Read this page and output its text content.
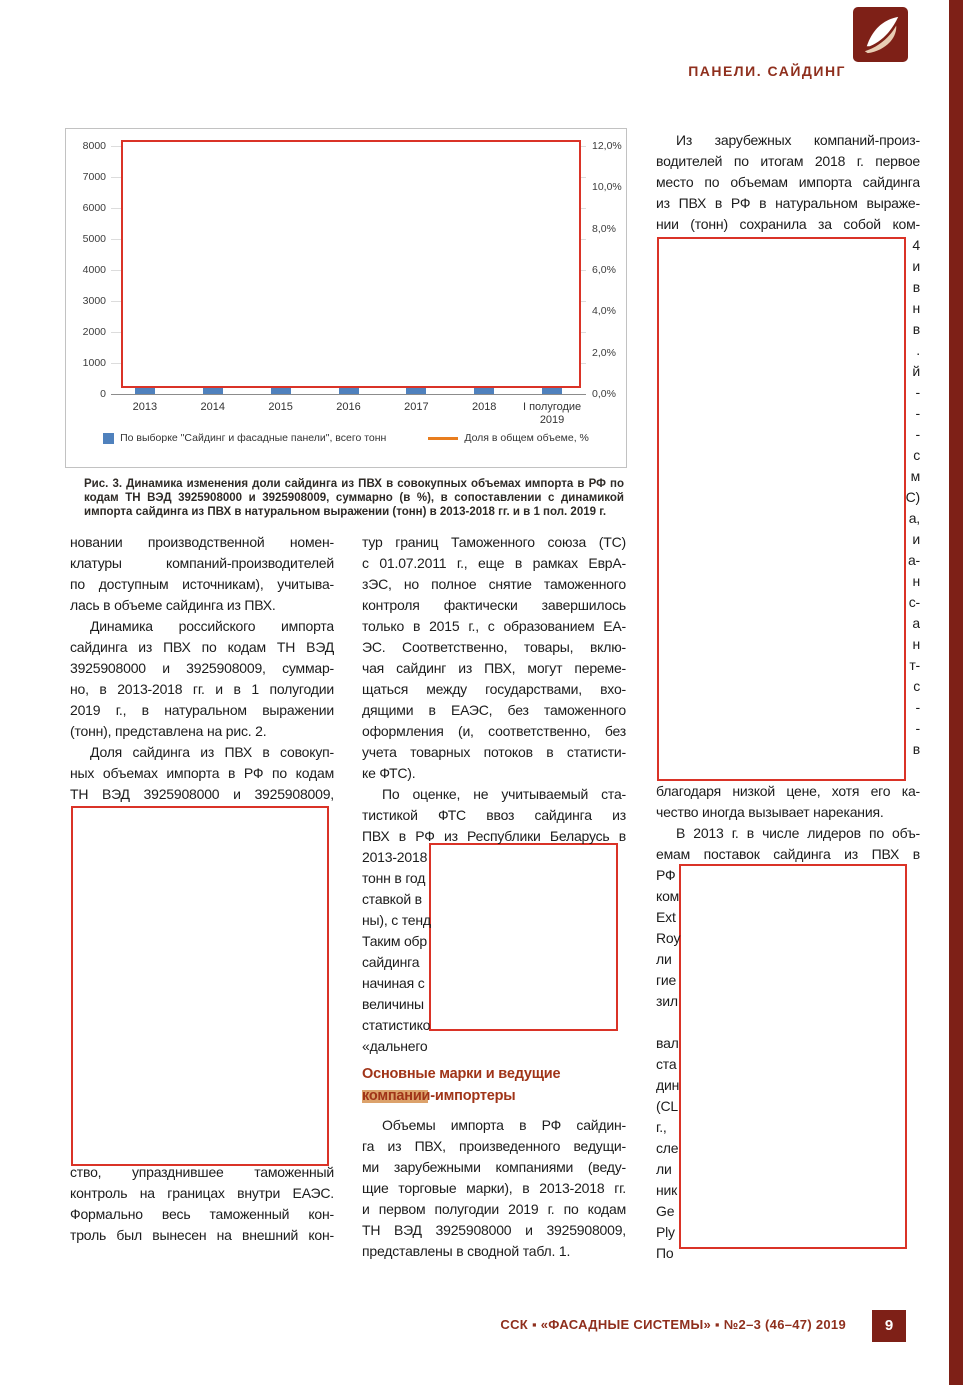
ПАНЕЛИ. САЙДИНГ
8000
7000
6000
5000
4000
3000
2000
1000
0
12,0%
10,0%
8,0%
6,0%
4,0%
2,0%
0,0%
2013	2014	2015	2016	2017	2018	I полугодие 2019
По выборке "Сайдинг и фасадные панели", всего тонн	Доля в общем объеме, %
Рис. 3. Динамика изменения доли сайдинга из ПВХ в совокупных объемах импорта в РФ по кодам ТН ВЭД 3925908000 и 3925908009, суммарно (в %), в сопоставлении с динамикой импорта сайдинга из ПВХ в натуральном выражении (тонн) в 2013-2018 гг. и в 1 пол. 2019 г.
новании производственной номен-
клатуры компаний-производителей
по доступным источникам), учитыва-
лась в объеме сайдинга из ПВХ.
Динамика российского импорта
сайдинга из ПВХ по кодам ТН ВЭД
3925908000 и 3925908009, суммар-
но, в 2013-2018 гг. и в 1 полугодии
2019 г., в натуральном выражении
(тонн), представлена на рис. 2.
Доля сайдинга из ПВХ в совокуп-
ных объемах импорта в РФ по кодам
ТН ВЭД 3925908000 и 3925908009,
ство, упразднившее таможенный
контроль на границах внутри ЕАЭС.
Формально весь таможенный кон-
троль был вынесен на внешний кон-
тур границ Таможенного союза (ТС)
с 01.07.2011 г., еще в рамках ЕврА-
зЭС, но полное снятие таможенного
контроля фактически завершилось
только в 2015 г., с образованием ЕА-
ЭС. Соответственно, товары, вклю-
чая сайдинг из ПВХ, могут переме-
щаться между государствами, вхо-
дящими в ЕАЭС, без таможенного
оформления (и, соответственно, без
учета товарных потоков в статисти-
ке ФТС).
По оценке, не учитываемый ста-
тистикой ФТС ввоз сайдинга из
ПВХ в РФ из Республики Беларусь в
2013-2018
тонн в год
ставкой в
ны), с тенд
Таким обр
сайдинга
начиная с
величины
статистико
«дальнего
Основные марки и ведущие
компании-импортеры
Объемы импорта в РФ сайдин-
га из ПВХ, произведенного ведущи-
ми зарубежными компаниями (веду-
щие торговые марки), в 2013-2018 гг.
и первом полугодии 2019 г. по кодам
ТН ВЭД 3925908000 и 3925908009,
представлены в сводной табл. 1.
Из зарубежных компаний-произ-
водителей по итогам 2018 г. первое
место по объемам импорта сайдинга
из ПВХ в РФ в натуральном выраже-
нии (тонн) сохранила за собой ком-
4
и
в
н
в
.
й
-
-
-
с
м
С)
а,
и
а-
н
с-
а
н
т-
с
-
-
в
благодаря низкой цене, хотя его ка-
чество иногда вызывает нарекания.
В 2013 г. в числе лидеров по объ-
емам поставок сайдинга из ПВХ в
РФ
ком
Ext
Roy
ли
гие
зил
вал
ста
дин
(CL
г.,
сле
ли
ник
Ge
Ply
По
ССК ▪ «ФАСАДНЫЕ СИСТЕМЫ» ▪ №2–3 (46–47) 2019	9
